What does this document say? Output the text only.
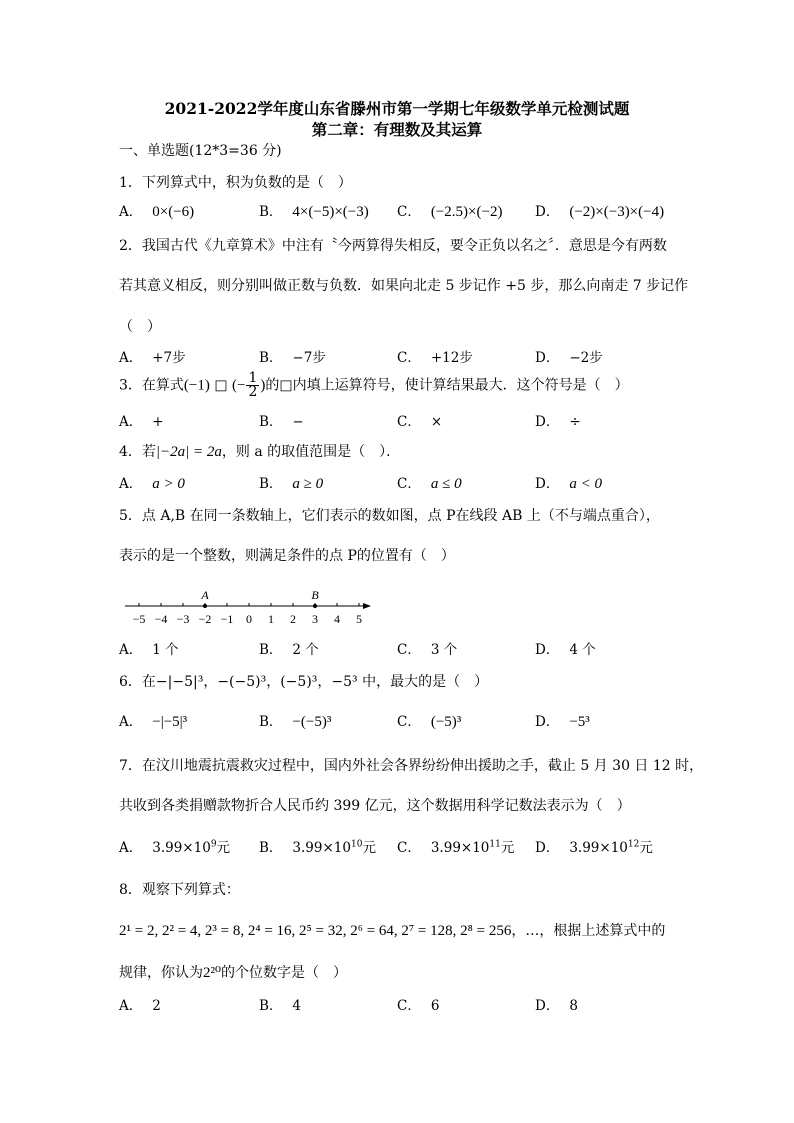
2021-2022学年度山东省滕州市第一学期七年级数学单元检测试题
第二章：有理数及其运算
一、单选题(12*3=36 分)
1．下列算式中，积为负数的是（　）
A． 0×(−6)	B． 4×(−5)×(−3) C． (−2.5)×(−2) D． (−2)×(−3)×(−4)
2．我国古代《九章算术》中注有〝今两算得失相反，要令正负以名之〞．意思是今有两数
若其意义相反，则分别叫做正数与负数．如果向北走 5 步记作 +5 步，那么向南走 7 步记作
（　）
A． +7步	B． −7步	C． +12步	D． −2步
3．在算式(−1) □ (− $\frac{1}{2}$ )的□内填上运算符号，使计算结果最大．这个符号是（　）
A． +	B． −	C． ×	D． ÷
4．若|−2a| = 2a，则 a 的取值范围是（　）．
A． a > 0	B． a ≥ 0	C． a ≤ 0	D． a < 0
5．点 A,B 在同一条数轴上，它们表示的数如图，点 P在线段 AB 上（不与端点重合），
表示的是一个整数，则满足条件的点 P的位置有（　）
−5 −4 −3 −2 −1 0 1 2 3 4 5
A	B
A． 1 个	B． 2 个	C． 3 个	D． 4 个
6．在−|−5|³，−(−5)³，(−5)³，−5³ 中，最大的是（　）
A． −|−5|³	B． −(−5)³	C． (−5)³	D． −5³
7．在汶川地震抗震救灾过程中，国内外社会各界纷纷伸出援助之手，截止 5 月 30 日 12 时，
共收到各类捐赠款物折合人民币约 399 亿元，这个数据用科学记数法表示为（　）
A． $3.99\times 10^9$元 B． $3.99\times 10^{10}$元 C． $3.99\times 10^{11}$元 D． $3.99\times 10^{12}$元
8．观察下列算式：
2¹ = 2, 2² = 4, 2³ = 8, 2⁴ = 16, 2⁵ = 32, 2⁶ = 64, 2⁷ = 128, 2⁸ = 256，…，根据上述算式中的
规律，你认为2²⁰的个位数字是（　）
A． 2	B． 4	C． 6	D． 8
